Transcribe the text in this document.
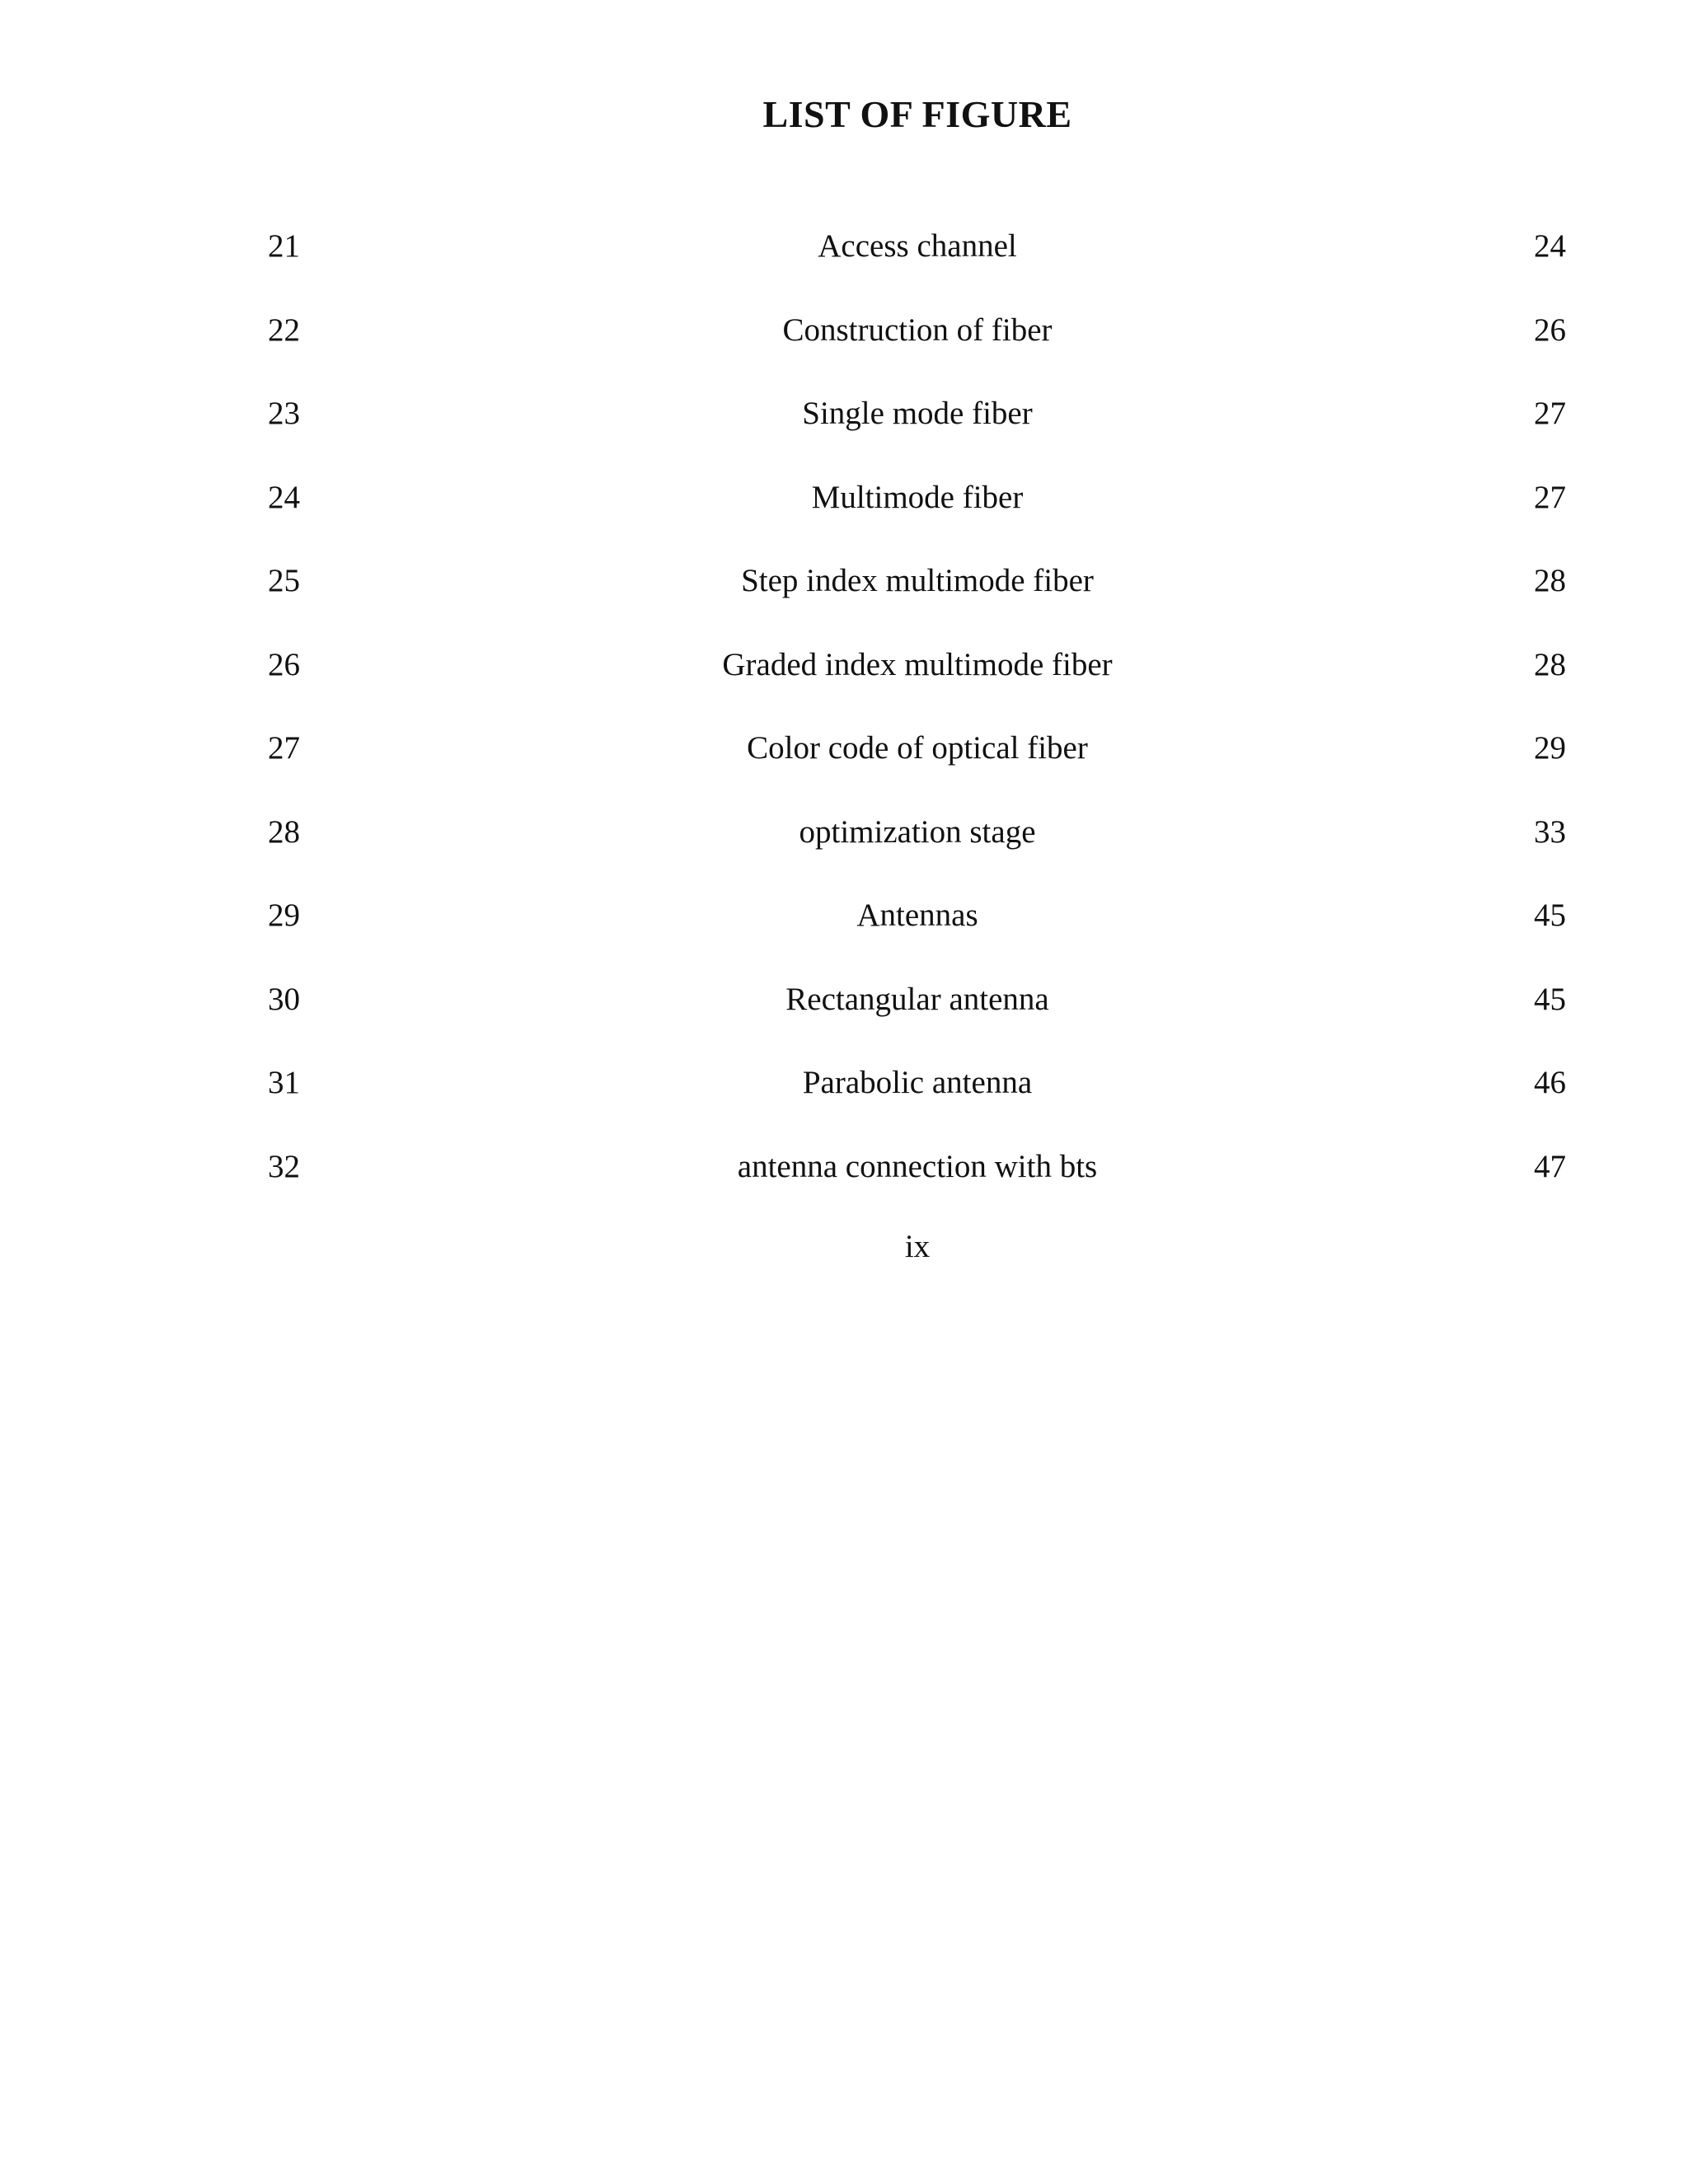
LIST OF FIGURE
21	Access channel	24
22	Construction of fiber	26
23	Single mode fiber	27
24	Multimode fiber	27
25	Step index multimode fiber	28
26	Graded index multimode fiber	28
27	Color code of optical fiber	29
28	optimization stage	33
29	Antennas	45
30	Rectangular antenna	45
31	Parabolic antenna	46
32	antenna connection with bts	47
ix
